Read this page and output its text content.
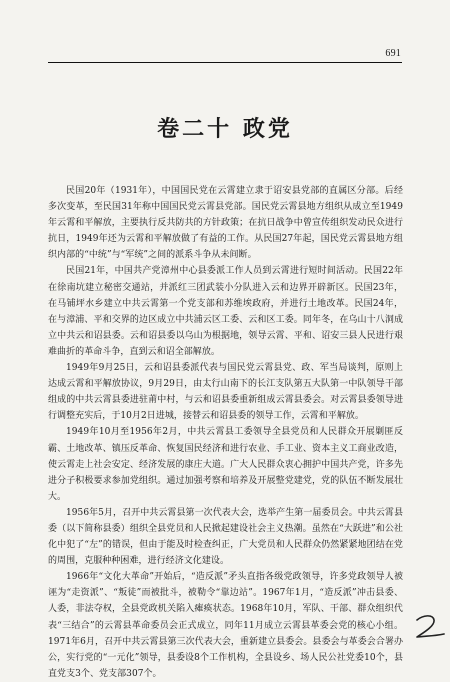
691
卷二十 政党

民国20年（1931年），中国国民党在云霄建立隶于诏安县党部的直属区分部。后经多次变革，至民国31年称中国国民党云霄县党部。国民党云霄县地方组织从成立至1949年云霄和平解放，主要执行反共防共的方针政策；在抗日战争中曾宣传组织发动民众进行抗日，1949年还为云霄和平解放做了有益的工作。从民国27年起，国民党云霄县地方组织内部的“中统”与“军统”之间的派系斗争从未间断。

民国21年，中国共产党漳州中心县委派工作人员到云霄进行短时间活动。民国22年在徐南坑建立秘密交通站，并派红三团武装小分队进入云和边界开辟新区。民国23年，在马铺坪水乡建立中共云霄第一个党支部和苏维埃政府，并进行土地改革。民国24年，在与漳浦、平和交界的边区成立中共浦云区工委、云和区工委。同年冬，在乌山十八洞成立中共云和诏县委。云和诏县委以乌山为根据地，领导云霄、平和、诏安三县人民进行艰难曲折的革命斗争，直到云和诏全部解放。

1949年9月25日，云和诏县委派代表与国民党云霄县党、政、军当局谈判，原则上达成云霄和平解放协议，9月29日，由太行山南下的长江支队第五大队第一中队领导干部组成的中共云霄县委进驻莆中村，与云和诏县委重新组成云霄县委会。对云霄县委领导进行调整充实后，于10月2日进城，接替云和诏县委的领导工作，云霄和平解放。

1949年10月至1956年2月，中共云霄县工委领导全县党员和人民群众开展剿匪反霸、土地改革、镇压反革命、恢复国民经济和进行农业、手工业、资本主义工商业改造，使云霄走上社会安定、经济发展的康庄大道。广大人民群众衷心拥护中国共产党，许多先进分子积极要求参加党组织。通过加强考察和培养及开展整党建党，党的队伍不断发展壮大。

1956年5月，召开中共云霄县第一次代表大会，选举产生第一届委员会。中共云霄县委（以下简称县委）组织全县党员和人民掀起建设社会主义热潮。虽然在“大跃进”和公社化中犯了“左”的错误，但由于能及时检查纠正，广大党员和人民群众仍然紧紧地团结在党的周围，克服种种困难，进行经济文化建设。

1966年“文化大革命”开始后，“造反派”矛头直指各级党政领导，许多党政领导人被诬为“走资派”、“叛徒”而被批斗，被勒令“靠边站”。1967年1月，“造反派”冲击县委、人委，非法夺权，全县党政机关陷入瘫痪状态。1968年10月，军队、干部、群众组织代表“三结合”的云霄县革命委员会正式成立，同年11月成立云霄县革委会党的核心小组。1971年6月，召开中共云霄县第三次代表大会，重新建立县委会。县委会与革委会合署办公，实行党的“一元化”领导，县委设8个工作机构，全县设乡、场人民公社党委10个，县直党支3个、党支部307个。
